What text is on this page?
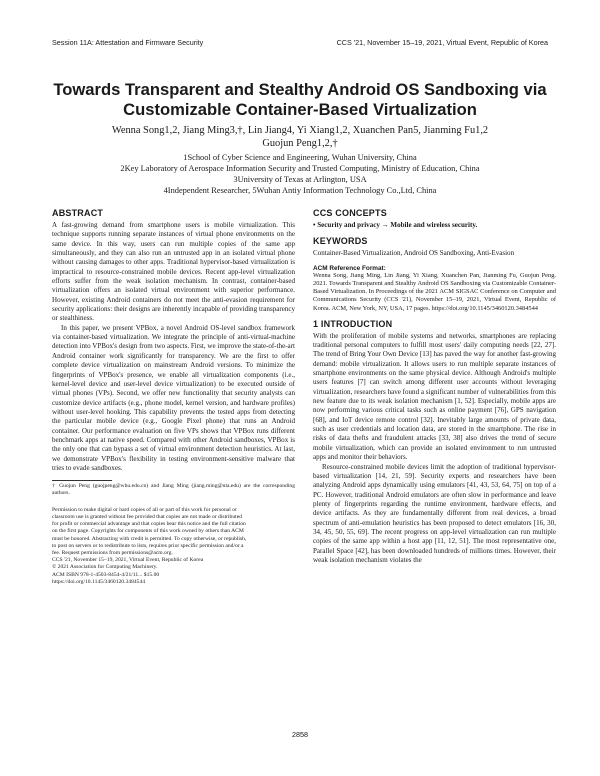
Session 11A: Attestation and Firmware Security	CCS '21, November 15–19, 2021, Virtual Event, Republic of Korea
Towards Transparent and Stealthy Android OS Sandboxing via
Customizable Container-Based Virtualization
Wenna Song1,2, Jiang Ming3,†, Lin Jiang4, Yi Xiang1,2, Xuanchen Pan5, Jianming Fu1,2
Guojun Peng1,2,†
1School of Cyber Science and Engineering, Wuhan University, China
2Key Laboratory of Aerospace Information Security and Trusted Computing, Ministry of Education, China
3University of Texas at Arlington, USA
4Independent Researcher, 5Wuhan Antiy Information Technology Co.,Ltd, China
ABSTRACT

A fast-growing demand from smartphone users is mobile virtualization. This technique supports running separate instances of virtual phone environments on the same device. In this way, users can run multiple copies of the same app simultaneously, and they can also run an untrusted app in an isolated virtual phone without causing damages to other apps. Traditional hypervisor-based virtualization is impractical to resource-constrained mobile devices. Recent app-level virtualization efforts suffer from the weak isolation mechanism. In contrast, container-based virtualization offers an isolated virtual environment with superior performance. However, existing Android containers do not meet the anti-evasion requirement for security applications: their designs are inherently incapable of providing transparency or stealthiness.

In this paper, we present VPBox, a novel Android OS-level sandbox framework via container-based virtualization. We integrate the principle of anti-virtual-machine detection into VPBox's design from two aspects. First, we improve the state-of-the-art Android container work significantly for transparency. We are the first to offer complete device virtualization on mainstream Android versions. To minimize the fingerprints of VPBox's presence, we enable all virtualization components (i.e., kernel-level device and user-level device virtualization) to be executed outside of virtual phones (VPs). Second, we offer new functionality that security analysts can customize device artifacts (e.g., phone model, kernel version, and hardware profiles) without user-level hooking. This capability prevents the tested apps from detecting the particular mobile device (e.g., Google Pixel phone) that runs an Android container. Our performance evaluation on five VPs shows that VPBox runs different benchmark apps at native speed. Compared with other Android sandboxes, VPBox is the only one that can bypass a set of virtual environment detection heuristics. At last, we demonstrate VPBox's flexibility in testing environment-sensitive malware that tries to evade sandboxes.

† Guojun Peng (guojpeng@whu.edu.cn) and Jiang Ming (jiang.ming@uta.edu) are the corresponding authors.
Permission to make digital or hard copies of all or part of this work for personal or
classroom use is granted without fee provided that copies are not made or distributed
for profit or commercial advantage and that copies bear this notice and the full citation
on the first page. Copyrights for components of this work owned by others than ACM
must be honored. Abstracting with credit is permitted. To copy otherwise, or republish,
to post on servers or to redistribute to lists, requires prior specific permission and/or a
fee. Request permissions from permissions@acm.org.
CCS '21, November 15–19, 2021, Virtual Event, Republic of Korea
© 2021 Association for Computing Machinery.
ACM ISBN 978-1-4503-8454-4/21/11... $15.00
https://doi.org/10.1145/3460120.3484544
CCS CONCEPTS
• Security and privacy → Mobile and wireless security.
KEYWORDS

Container-Based Virtualization, Android OS Sandboxing, Anti-Evasion

ACM Reference Format:
Wenna Song, Jiang Ming, Lin Jiang, Yi Xiang, Xuanchen Pan, Jianming Fu, Guojun Peng. 2021. Towards Transparent and Stealthy Android OS Sandboxing via Customizable Container-Based Virtualization. In Proceedings of the 2021 ACM SIGSAC Conference on Computer and Communications Security (CCS '21), November 15–19, 2021, Virtual Event, Republic of Korea. ACM, New York, NY, USA, 17 pages. https://doi.org/10.1145/3460120.3484544
1 INTRODUCTION

With the proliferation of mobile systems and networks, smartphones are replacing traditional personal computers to fulfill most users' daily computing needs [22, 27]. The trend of Bring Your Own Device [13] has paved the way for another fast-growing demand: mobile virtualization. It allows users to run multiple separate instances of smartphone environments on the same physical device. Although Android's multiple users features [7] can switch among different user accounts without leveraging virtualization, researchers have found a significant number of vulnerabilities from this new feature due to its weak isolation mechanism [1, 52]. Especially, mobile apps are now performing various critical tasks such as online payment [76], GPS navigation [68], and IoT device remote control [32]. Inevitably large amounts of private data, such as user credentials and location data, are stored in the smartphone. The rise in risks of data thefts and fraudulent attacks [33, 38] also drives the trend of secure mobile virtualization, which can provide an isolated environment to run untrusted apps and monitor their behaviors.

Resource-constrained mobile devices limit the adoption of traditional hypervisor-based virtualization [14, 21, 59]. Security experts and researchers have been analyzing Android apps dynamically using emulators [41, 43, 53, 64, 75] on top of a PC. However, traditional Android emulators are often slow in performance and leave plenty of fingerprints regarding the runtime environment, hardware effects, and device artifacts. As they are fundamentally different from real devices, a broad spectrum of anti-emulation heuristics has been proposed to detect emulators [16, 30, 34, 45, 50, 55, 69]. The recent progress on app-level virtualization can run multiple copies of the same app within a host app [11, 12, 51]. The most representative one, Parallel Space [42], has been downloaded hundreds of millions times. However, their weak isolation mechanism violates the

2858
